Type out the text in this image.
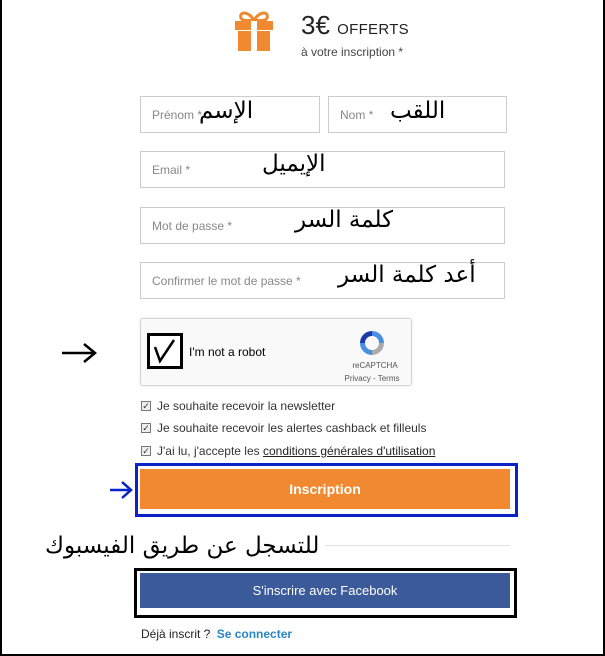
3€ OFFERTS
à votre inscription *
Prénom *
الإسم
Nom *	اللقب
Email *
الإيميل
كلمة السر
أعد كلمة السر
I'm not a robot
reCAPTCHA
Privacy - Terms
✓ Je souhaite recevoir la newsletter
✓ Je souhaite recevoir les alertes cashback et filleuls
✓ J'ai lu, j'accepte les
conditions générales d'utilisation
Inscription
للتسجل عن طريق الفيسبوك
S'inscrire avec Facebook
Déjà inscrit ? Se connecter
